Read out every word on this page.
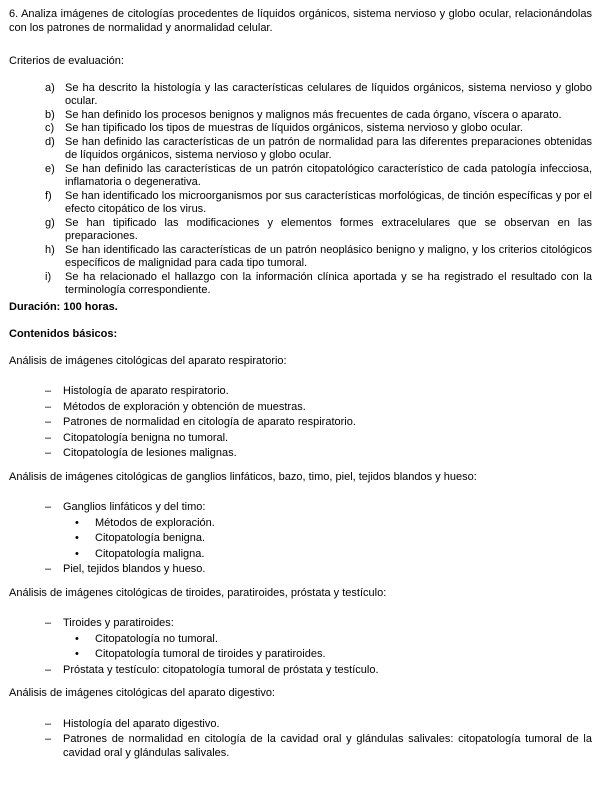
6. Analiza imágenes de citologías procedentes de líquidos orgánicos, sistema nervioso y globo ocular, relacionándolas con los patrones de normalidad y anormalidad celular.

Criterios de evaluación:

a) Se ha descrito la histología y las características celulares de líquidos orgánicos, sistema nervioso y globo ocular.
b) Se han definido los procesos benignos y malignos más frecuentes de cada órgano, víscera o aparato.
c) Se han tipificado los tipos de muestras de líquidos orgánicos, sistema nervioso y globo ocular.
d) Se han definido las características de un patrón de normalidad para las diferentes preparaciones obtenidas de líquidos orgánicos, sistema nervioso y globo ocular.
e) Se han definido las características de un patrón citopatológico característico de cada patología infecciosa, inflamatoria o degenerativa.
f)	Se han identificado los microorganismos por sus características morfológicas, de tinción específicas y por el efecto citopático de los virus.
g) Se han tipificado las modificaciones y elementos formes extracelulares que se observan en las preparaciones.
h) Se han identificado las características de un patrón neoplásico benigno y maligno, y los criterios citológicos específicos de malignidad para cada tipo tumoral.
i)	Se ha relacionado el hallazgo con la información clínica aportada y se ha registrado el resultado con la terminología correspondiente.

Duración: 100 horas.

Contenidos básicos:

Análisis de imágenes citológicas del aparato respiratorio:

–	Histología de aparato respiratorio.
–	Métodos de exploración y obtención de muestras.
–	Patrones de normalidad en citología de aparato respiratorio.
–	Citopatología benigna no tumoral.
–	Citopatología de lesiones malignas.

Análisis de imágenes citológicas de ganglios linfáticos, bazo, timo, piel, tejidos blandos y hueso:

–	Ganglios linfáticos y del timo:
•	Métodos de exploración.
•	Citopatología benigna.
•	Citopatología maligna.
–	Piel, tejidos blandos y hueso.

Análisis de imágenes citológicas de tiroides, paratiroides, próstata y testículo:

–	Tiroides y paratiroides:
•	Citopatología no tumoral.
•	Citopatología tumoral de tiroides y paratiroides.
–	Próstata y testículo: citopatología tumoral de próstata y testículo.

Análisis de imágenes citológicas del aparato digestivo:

–	Histología del aparato digestivo.
–	Patrones de normalidad en citología de la cavidad oral y glándulas salivales: citopatología tumoral de la cavidad oral y glándulas salivales.
